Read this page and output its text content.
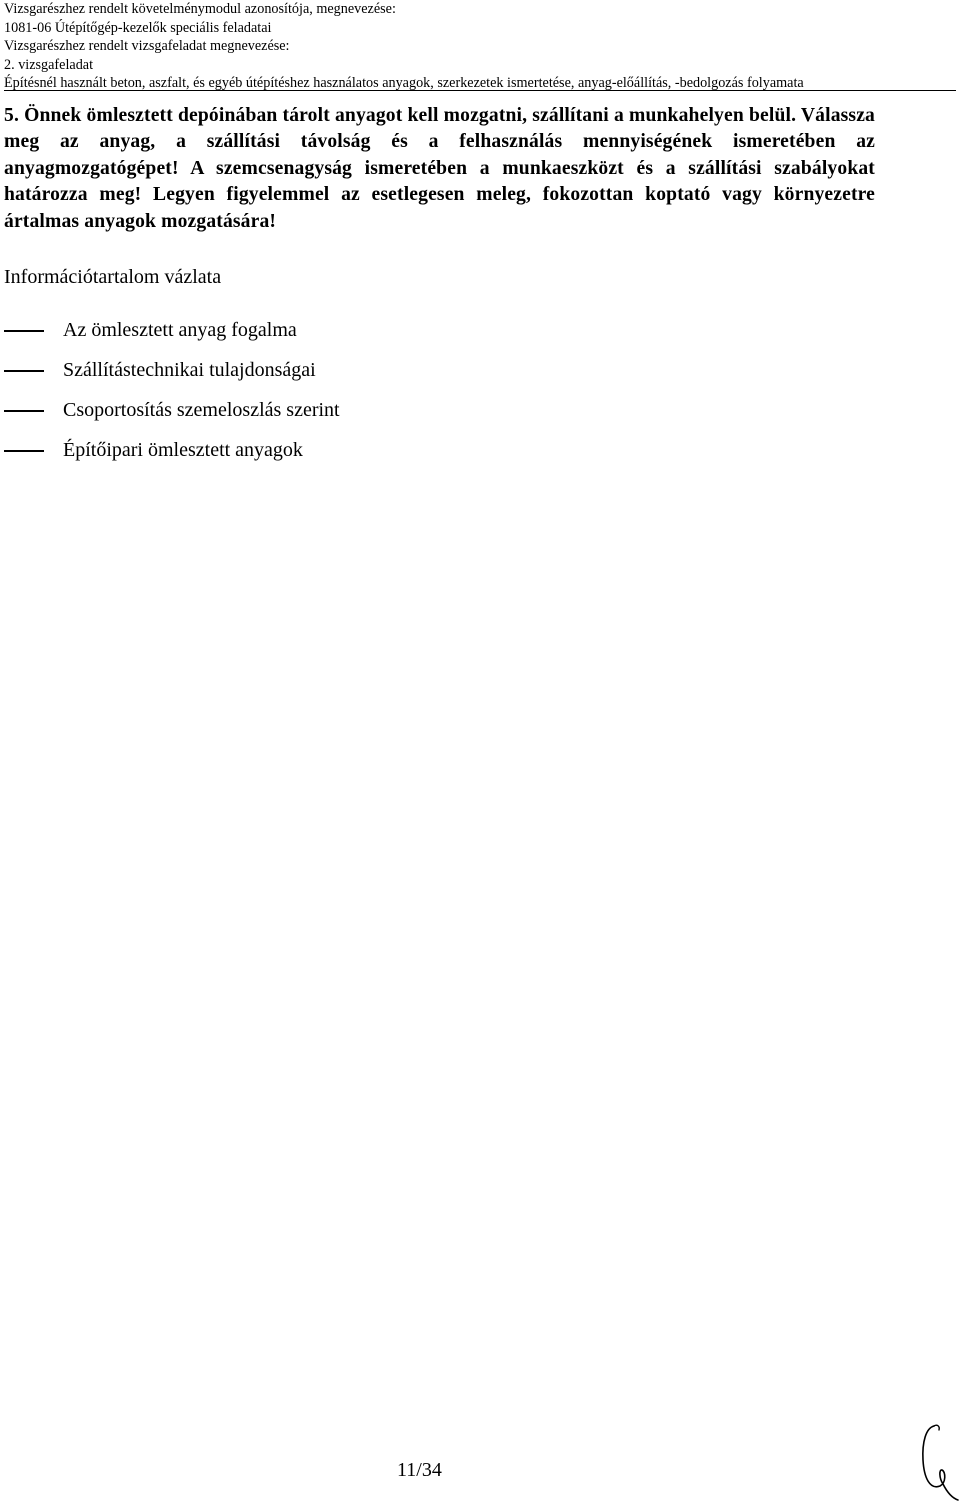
Vizsgarészhez rendelt követelménymodul azonosítója, megnevezése:
1081-06 Útépítőgép-kezelők speciális feladatai
Vizsgarészhez rendelt vizsgafeladat megnevezése:
2. vizsgafeladat
Építésnél használt beton, aszfalt, és egyéb útépítéshez használatos anyagok, szerkezetek ismertetése, anyag-előállítás, -bedolgozás folyamata
5. Önnek ömlesztett depóinában tárolt anyagot kell mozgatni, szállítani a munkahelyen belül. Válassza meg az anyag, a szállítási távolság és a felhasználás mennyiségének ismeretében az anyagmozgatógépet! A szemcsenagyság ismeretében a munkaeszközt és a szállítási szabályokat határozza meg! Legyen figyelemmel az esetlegesen meleg, fokozottan koptató vagy környezetre ártalmas anyagok mozgatására!
Információtartalom vázlata
Az ömlesztett anyag fogalma
Szállítástechnikai tulajdonságai
Csoportosítás szemeloszlás szerint
Építőipari ömlesztett anyagok
11/34
